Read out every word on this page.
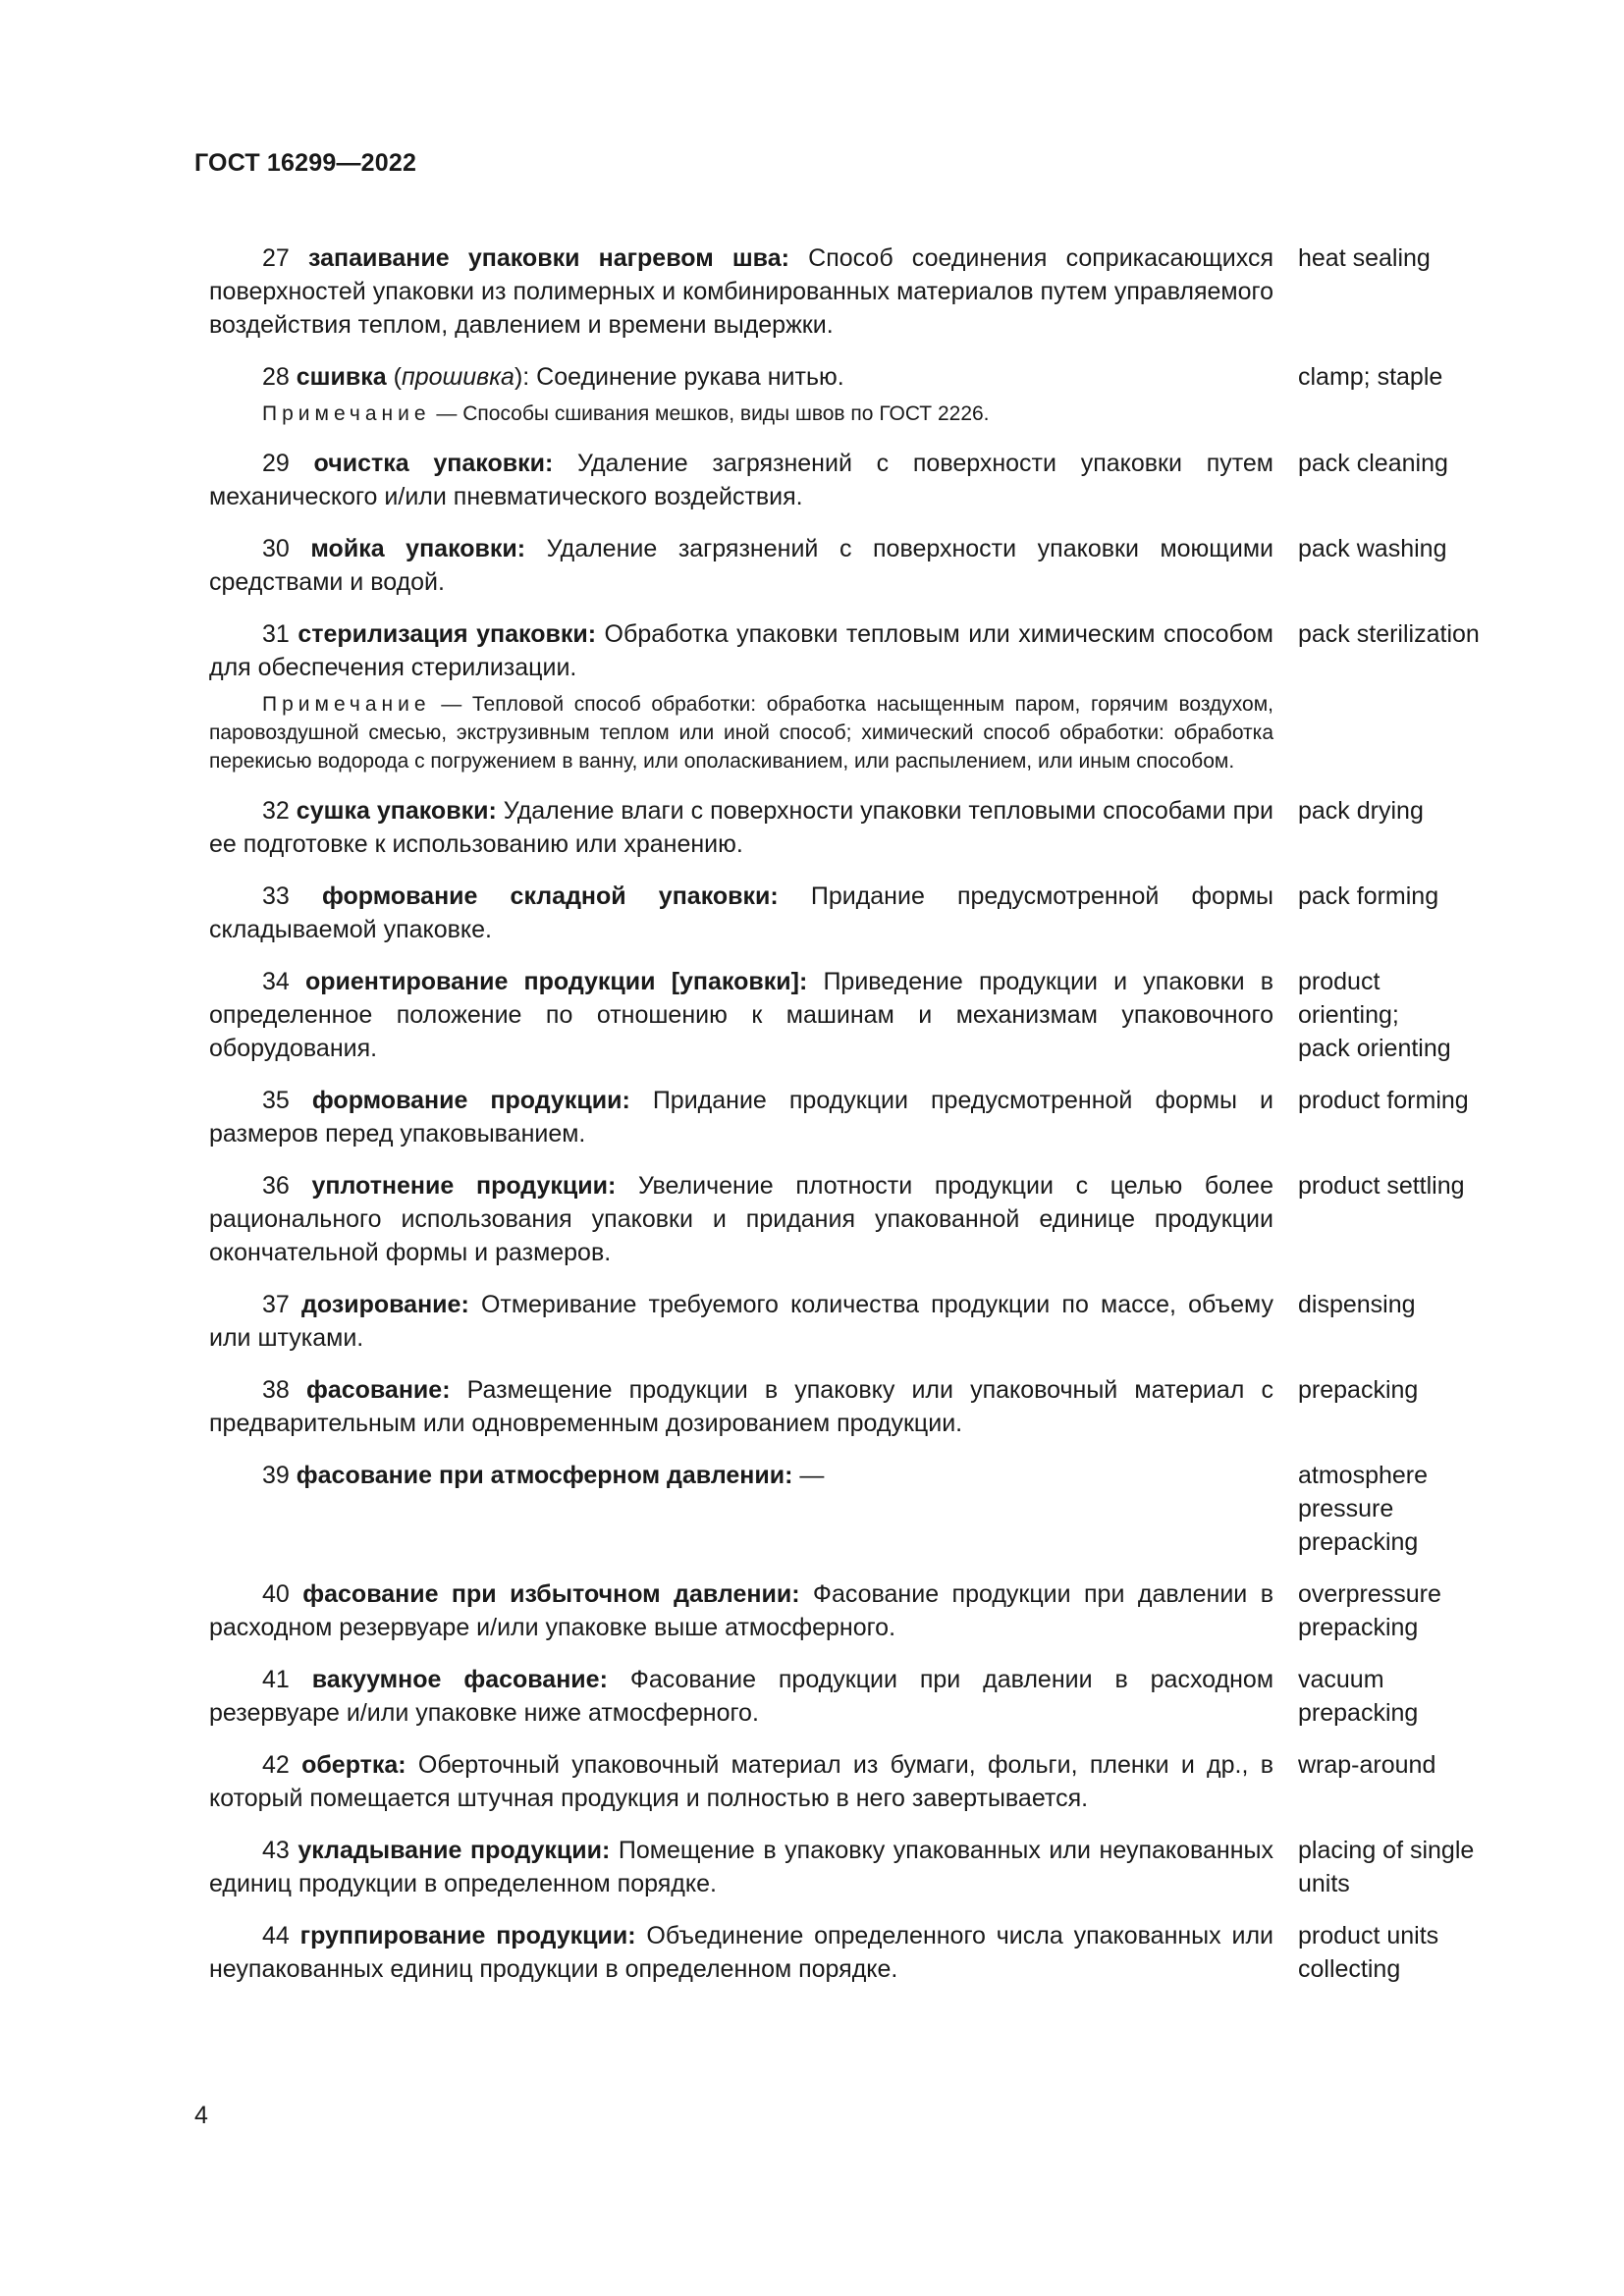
ГОСТ 16299—2022
27 запаивание упаковки нагревом шва: Способ соединения соприкасающихся поверхностей упаковки из полимерных и комбинированных материалов путем управляемого воздействия теплом, давлением и времени выдержки.
heat sealing
28 сшивка (прошивка): Соединение рукава нитью.	clamp; staple
Примечание — Способы сшивания мешков, виды швов по ГОСТ 2226.
29 очистка упаковки: Удаление загрязнений с поверхности упаковки путем механического и/или пневматического воздействия.
pack cleaning
30 мойка упаковки: Удаление загрязнений с поверхности упаковки моющими средствами и водой.
pack washing
31 стерилизация упаковки: Обработка упаковки тепловым или химическим способом для обеспечения стерилизации.
pack sterilization
Примечание — Тепловой способ обработки: обработка насыщенным паром, горячим воздухом, паровоздушной смесью, экструзивным теплом или иной способ; химический способ обработки: обработка перекисью водорода с погружением в ванну, или ополаскиванием, или распылением, или иным способом.
32 сушка упаковки: Удаление влаги с поверхности упаковки тепловыми способами при ее подготовке к использованию или хранению.
pack drying
33 формование складной упаковки: Придание предусмотренной формы складываемой упаковке.
pack forming
34 ориентирование продукции [упаковки]: Приведение продукции и упаковки в определенное положение по отношению к машинам и механизмам упаковочного оборудования.
product
orienting;
pack orienting
35 формование продукции: Придание продукции предусмотренной формы и размеров перед упаковыванием.
product forming
36 уплотнение продукции: Увеличение плотности продукции с целью более рационального использования упаковки и придания упакованной единице продукции окончательной формы и размеров.
product settling
37 дозирование: Отмеривание требуемого количества продукции по массе, объему или штуками.
dispensing
38 фасование: Размещение продукции в упаковку или упаковочный материал с предварительным или одновременным дозированием продукции.
prepacking
39 фасование при атмосферном давлении: —	atmosphere
pressure
prepacking
40 фасование при избыточном давлении: Фасование продукции при давлении в расходном резервуаре и/или упаковке выше атмосферного.
overpressure
prepacking
41 вакуумное фасование: Фасование продукции при давлении в расходном резервуаре и/или упаковке ниже атмосферного.
vacuum
prepacking
42 обертка: Оберточный упаковочный материал из бумаги, фольги, пленки и др., в который помещается штучная продукция и полностью в него завертывается.
wrap-around
43 укладывание продукции: Помещение в упаковку упакованных или неупакованных единиц продукции в определенном порядке.
placing of single
units
44 группирование продукции: Объединение определенного числа упакованных или неупакованных единиц продукции в определенном порядке.
product units
collecting
4
